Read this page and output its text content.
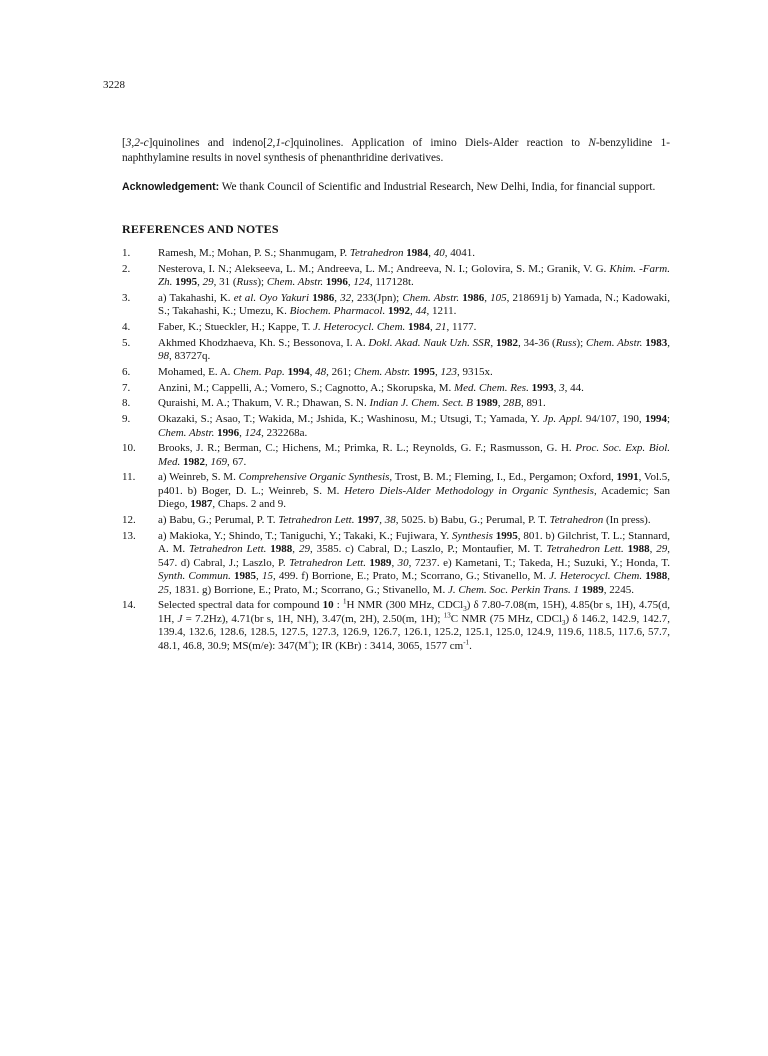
3228

[3,2-c]quinolines and indeno[2,1-c]quinolines. Application of imino Diels-Alder reaction to N-benzylidine 1-naphthylamine results in novel synthesis of phenanthridine derivatives.

Acknowledgement: We thank Council of Scientific and Industrial Research, New Delhi, India, for financial support.

REFERENCES AND NOTES
1.	Ramesh, M.; Mohan, P. S.; Shanmugam, P. Tetrahedron 1984, 40, 4041.
2.	Nesterova, I. N.; Alekseeva, L. M.; Andreeva, L. M.; Andreeva, N. I.; Golovira, S. M.; Granik, V. G. Khim. -Farm. Zh. 1995, 29, 31 (Russ); Chem. Abstr. 1996, 124, 117128t.
3.	a) Takahashi, K. et al. Oyo Yakuri 1986, 32, 233(Jpn); Chem. Abstr. 1986, 105, 218691j b) Yamada, N.; Kadowaki, S.; Takahashi, K.; Umezu, K. Biochem. Pharmacol. 1992, 44, 1211.
4.	Faber, K.; Stueckler, H.; Kappe, T. J. Heterocycl. Chem. 1984, 21, 1177.
5.	Akhmed Khodzhaeva, Kh. S.; Bessonova, I. A. Dokl. Akad. Nauk Uzh. SSR, 1982, 34-36 (Russ); Chem. Abstr. 1983, 98, 83727q.
6.	Mohamed, E. A. Chem. Pap. 1994, 48, 261; Chem. Abstr. 1995, 123, 9315x.
7.	Anzini, M.; Cappelli, A.; Vomero, S.; Cagnotto, A.; Skorupska, M. Med. Chem. Res. 1993, 3, 44.
8.	Quraishi, M. A.; Thakum, V. R.; Dhawan, S. N. Indian J. Chem. Sect. B 1989, 28B, 891.
9.	Okazaki, S.; Asao, T.; Wakida, M.; Jshida, K.; Washinosu, M.; Utsugi, T.; Yamada, Y. Jp. Appl. 94/107, 190, 1994; Chem. Abstr. 1996, 124, 232268a.
10.	Brooks, J. R.; Berman, C.; Hichens, M.; Primka, R. L.; Reynolds, G. F.; Rasmusson, G. H. Proc. Soc. Exp. Biol. Med. 1982, 169, 67.
11.	a) Weinreb, S. M. Comprehensive Organic Synthesis, Trost, B. M.; Fleming, I., Ed., Pergamon; Oxford, 1991, Vol.5, p401. b) Boger, D. L.; Weinreb, S. M. Hetero Diels-Alder Methodology in Organic Synthesis, Academic; San Diego, 1987, Chaps. 2 and 9.
12.	a) Babu, G.; Perumal, P. T. Tetrahedron Lett. 1997, 38, 5025. b) Babu, G.; Perumal, P. T. Tetrahedron (In press).
13.	a) Makioka, Y.; Shindo, T.; Taniguchi, Y.; Takaki, K.; Fujiwara, Y. Synthesis 1995, 801. b) Gilchrist, T. L.; Stannard, A. M. Tetrahedron Lett. 1988, 29, 3585. c) Cabral, D.; Laszlo, P.; Montaufier, M. T. Tetrahedron Lett. 1988, 29, 547. d) Cabral, J.; Laszlo, P. Tetrahedron Lett. 1989, 30, 7237. e) Kametani, T.; Takeda, H.; Suzuki, Y.; Honda, T. Synth. Commun. 1985, 15, 499. f) Borrione, E.; Prato, M.; Scorrano, G.; Stivanello, M. J. Heterocycl. Chem. 1988, 25, 1831. g) Borrione, E.; Prato, M.; Scorrano, G.; Stivanello, M. J. Chem. Soc. Perkin Trans. 1 1989, 2245.
14.	Selected spectral data for compound 10 : $^1$H NMR (300 MHz, CDCl$_3$) δ 7.80-7.08(m, 15H), 4.85(br s, 1H), 4.75(d, 1H, J = 7.2Hz), 4.71(br s, 1H, NH), 3.47(m, 2H), 2.50(m, 1H); $^{13}$C NMR (75 MHz, CDCl$_3$) δ 146.2, 142.9, 142.7, 139.4, 132.6, 128.6, 128.5, 127.5, 127.3, 126.9, 126.7, 126.1, 125.2, 125.1, 125.0, 124.9, 119.6, 118.5, 117.6, 57.7, 48.1, 46.8, 30.9; MS(m/e): 347(M+); IR (KBr) : 3414, 3065, 1577 $cm^{-1}$.
